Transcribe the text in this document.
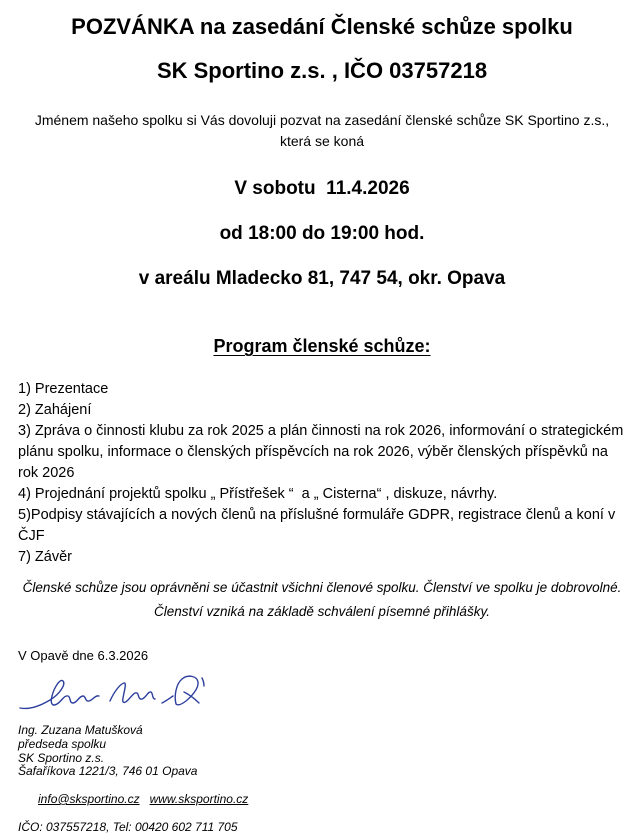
POZVÁNKA na zasedání Členské schůze spolku

SK Sportino z.s. , IČO 03757218

Jménem našeho spolku si Vás dovoluji pozvat na zasedání členské schůze SK Sportino z.s., která se koná

V sobotu  11.4.2026

od 18:00 do 19:00 hod.

v areálu Mladecko 81, 747 54, okr. Opava

Program členské schůze:

1) Prezentace
2) Zahájení
3) Zpráva o činnosti klubu za rok 2025 a plán činnosti na rok 2026, informování o strategickém plánu spolku, informace o členských příspěvcích na rok 2026, výběr členských příspěvků na rok 2026
4) Projednání projektů spolku „ Přístřešek “  a „ Cisterna“ , diskuze, návrhy.
5)Podpisy stávajících a nových členů na příslušné formuláře GDPR, registrace členů a koní v ČJF
7) Závěr

Členské schůze jsou oprávněni se účastnit všichni členové spolku. Členství ve spolku je dobrovolné. Členství vzniká na základě schválení písemné přihlášky.

V Opavě dne 6.3.2026

Ing. Zuzana Matušková
předseda spolku
SK Sportino z.s.
Šafaříkova 1221/3, 746 01 Opava

info@sksportino.cz www.sksportino.cz

IČO: 037557218, Tel: 00420 602 711 705
